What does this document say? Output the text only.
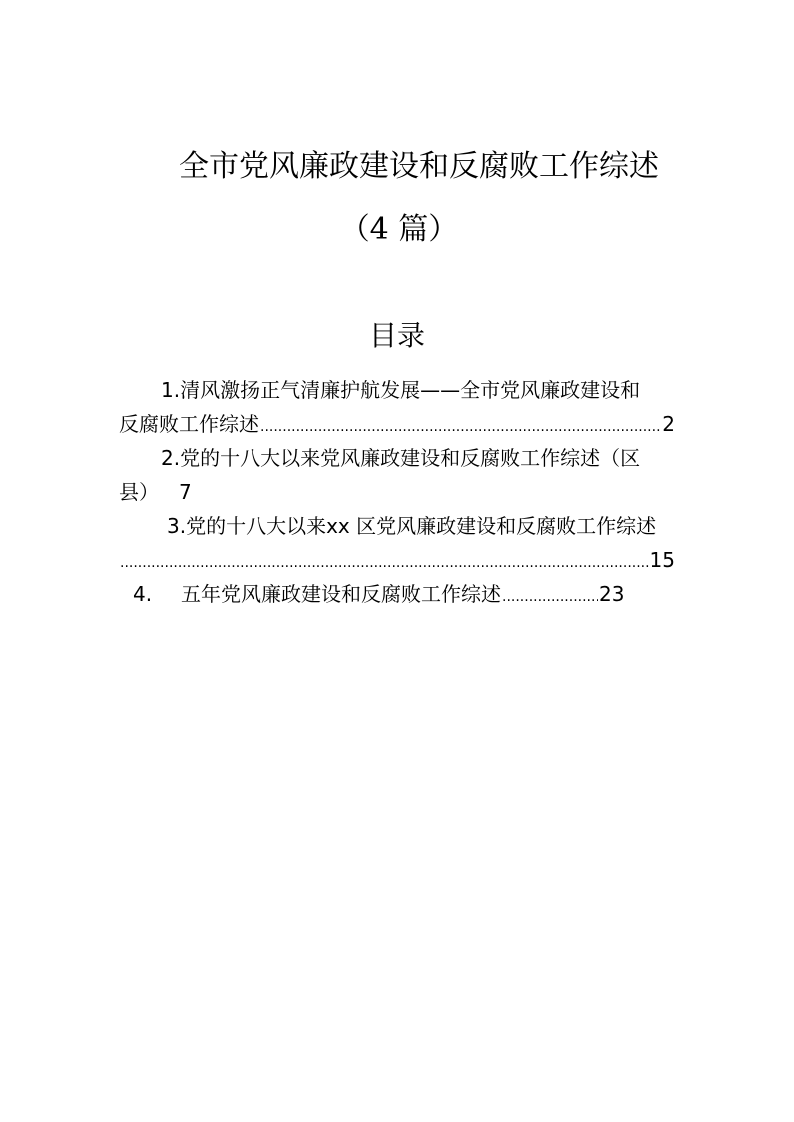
全市党风廉政建设和反腐败工作综述
（4 篇）
目录
1. 清风激扬正气清廉护航发展——全市党风廉政建设和
反腐败工作综述 .....	2
2. 党的十八大以来党风廉政建设和反腐败工作综述（区
县） 7
3. 党的十八大以来xx 区党风廉政建设和反腐败工作综述
.....
15
4.	五年党风廉政建设和反腐败工作综述 .....	23
